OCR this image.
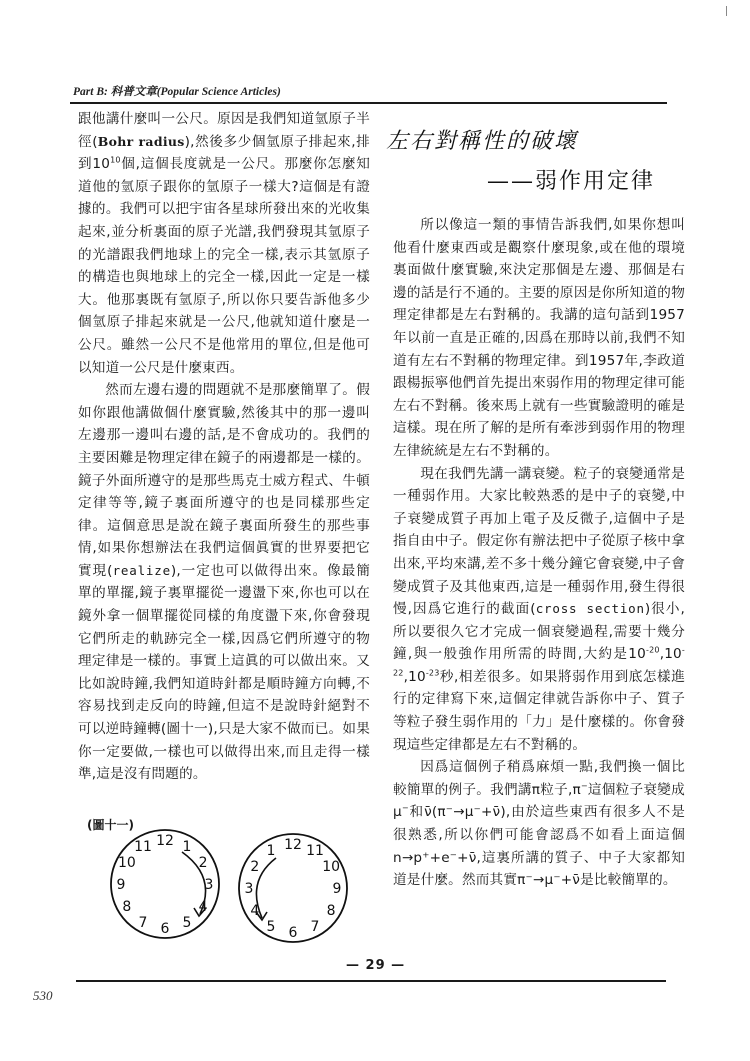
Part B: 科普文章(Popular Science Articles)

跟他講什麼叫一公尺。原因是我們知道氫原子半徑(Bohr radius),然後多少個氫原子排起來,排到$10^{10}$個,這個長度就是一公尺。那麼你怎麼知道他的氫原子跟你的氫原子一樣大?這個是有證據的。我們可以把宇宙各星球所發出來的光收集起來,並分析裏面的原子光譜,我們發現其氫原子的光譜跟我們地球上的完全一樣,表示其氫原子的構造也與地球上的完全一樣,因此一定是一樣大。他那裏既有氫原子,所以你只要告訴他多少個氫原子排起來就是一公尺,他就知道什麼是一公尺。雖然一公尺不是他常用的單位,但是他可以知道一公尺是什麼東西。

然而左邊右邊的問題就不是那麼簡單了。假如你跟他講做個什麼實驗,然後其中的那一邊叫左邊那一邊叫右邊的話,是不會成功的。我們的主要困難是物理定律在鏡子的兩邊都是一樣的。鏡子外面所遵守的是那些馬克士威方程式、牛頓定律等等,鏡子裏面所遵守的也是同樣那些定律。這個意思是說在鏡子裏面所發生的那些事情,如果你想辦法在我們這個眞實的世界要把它實現(realize),一定也可以做得出來。像最簡單的單擺,鏡子裏單擺從一邊盪下來,你也可以在鏡外拿一個單擺從同樣的角度盪下來,你會發現它們所走的軌跡完全一樣,因爲它們所遵守的物理定律是一樣的。事實上這眞的可以做出來。又比如說時鐘,我們知道時針都是順時鐘方向轉,不容易找到走反向的時鐘,但這不是說時針絕對不可以逆時鐘轉(圖十一),只是大家不做而已。如果你一定要做,一樣也可以做得出來,而且走得一樣準,這是沒有問題的。

(圖十一)
12 1
2
3
4
5
6
7
8
9
10
11	12 11
10
9
8
7
6
5
4
3
2
1
左右對稱性的破壞
——弱作用定律

所以像這一類的事情告訴我們,如果你想叫他看什麼東西或是觀察什麼現象,或在他的環境裏面做什麼實驗,來決定那個是左邊、那個是右邊的話是行不通的。主要的原因是你所知道的物理定律都是左右對稱的。我講的這句話到1957年以前一直是正確的,因爲在那時以前,我們不知道有左右不對稱的物理定律。到1957年,李政道跟楊振寧他們首先提出來弱作用的物理定律可能左右不對稱。後來馬上就有一些實驗證明的確是這樣。現在所了解的是所有牽涉到弱作用的物理左律統統是左右不對稱的。

現在我們先講一講衰變。粒子的衰變通常是一種弱作用。大家比較熟悉的是中子的衰變,中子衰變成質子再加上電子及反微子,這個中子是指自由中子。假定你有辦法把中子從原子核中拿出來,平均來講,差不多十幾分鐘它會衰變,中子會變成質子及其他東西,這是一種弱作用,發生得很慢,因爲它進行的截面(cross section)很小,所以要很久它才完成一個衰變過程,需要十幾分鐘,與一般強作用所需的時間,大約是$10^{-20},10^{-22},10^{-23}$秒,相差很多。如果將弱作用到底怎樣進行的定律寫下來,這個定律就告訴你中子、質子等粒子發生弱作用的「力」是什麼樣的。你會發現這些定律都是左右不對稱的。

因爲這個例子稍爲麻煩一點,我們換一個比較簡單的例子。我們講π粒子,π−這個粒子衰變成μ−和ν̄(π⁻→μ⁻+ν̄),由於這些東西有很多人不是很熟悉,所以你們可能會認爲不如看上面這個n→p⁺+e⁻+ν̄,這裏所講的質子、中子大家都知道是什麼。然而其實π⁻→μ⁻+ν̄是比較簡單的。

— 29 —
530
